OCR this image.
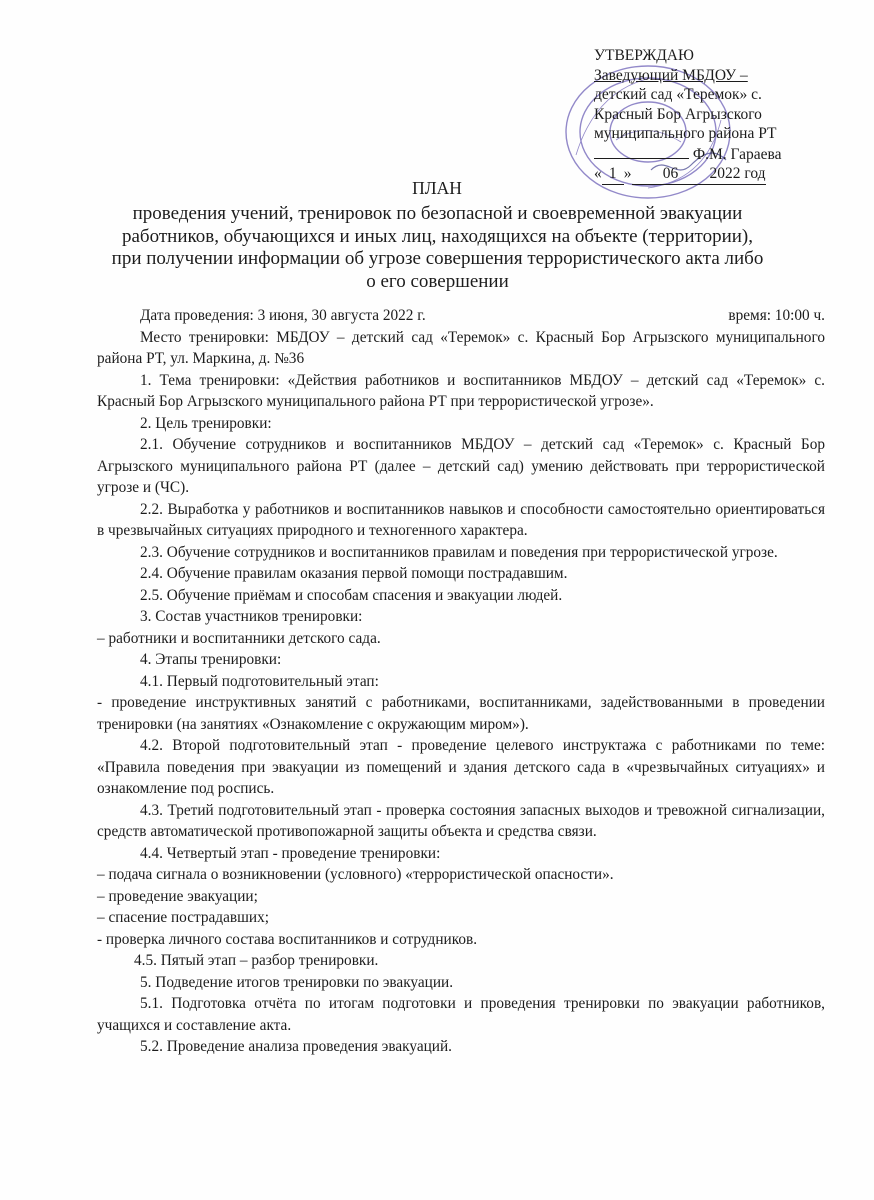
УТВЕРЖДАЮ
Заведующий МБДОУ –
детский сад «Теремок» с.
Красный Бор Агрызского
муниципального района РТ
Ф.М. Гараева
« 1 » 06 2022 год
ПЛАН
проведения учений, тренировок по безопасной и своевременной эвакуации работников, обучающихся и иных лиц, находящихся на объекте (территории), при получении информации об угрозе совершения террористического акта либо о его совершении
Дата проведения: 3 июня, 30 августа 2022 г.	время: 10:00 ч.

Место тренировки: МБДОУ – детский сад «Теремок» с. Красный Бор Агрызского муниципального района РТ, ул. Маркина, д. №36

1. Тема тренировки: «Действия работников и воспитанников МБДОУ – детский сад «Теремок» с. Красный Бор Агрызского муниципального района РТ при террористической угрозе».

2. Цель тренировки:

2.1. Обучение сотрудников и воспитанников МБДОУ – детский сад «Теремок» с. Красный Бор Агрызского муниципального района РТ (далее – детский сад) умению действовать при террористической угрозе и (ЧС).

2.2. Выработка у работников и воспитанников навыков и способности самостоятельно ориентироваться в чрезвычайных ситуациях природного и техногенного характера.

2.3. Обучение сотрудников и воспитанников правилам и поведения при террористической угрозе.

2.4. Обучение правилам оказания первой помощи пострадавшим.

2.5. Обучение приёмам и способам спасения и эвакуации людей.

3. Состав участников тренировки:

– работники и воспитанники детского сада.

4. Этапы тренировки:

4.1. Первый подготовительный этап:

- проведение инструктивных занятий с работниками, воспитанниками, задействованными в проведении тренировки (на занятиях «Ознакомление с окружающим миром»).

4.2. Второй подготовительный этап - проведение целевого инструктажа с работниками по теме: «Правила поведения при эвакуации из помещений и здания детского сада в «чрезвычайных ситуациях» и ознакомление под роспись.

4.3. Третий подготовительный этап - проверка состояния запасных выходов и тревожной сигнализации, средств автоматической противопожарной защиты объекта и средства связи.

4.4. Четвертый этап - проведение тренировки:

– подача сигнала о возникновении (условного) «террористической опасности».

– проведение эвакуации;

– спасение пострадавших;

- проверка личного состава воспитанников и сотрудников.

4.5. Пятый этап – разбор тренировки.

5. Подведение итогов тренировки по эвакуации.

5.1. Подготовка отчёта по итогам подготовки и проведения тренировки по эвакуации работников, учащихся и составление акта.

5.2. Проведение анализа проведения эвакуаций.
